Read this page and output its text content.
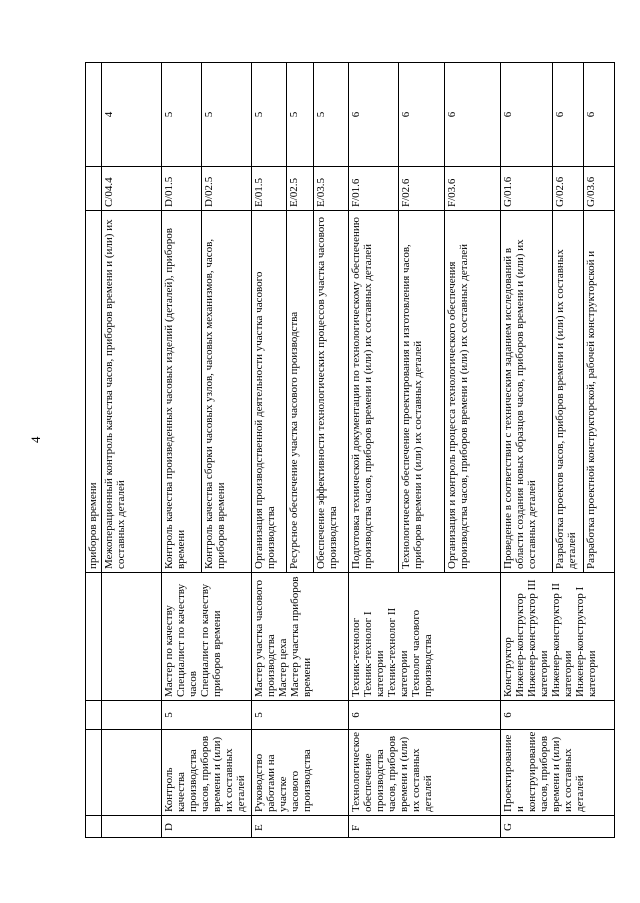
4
				приборов времени		
				Межоперационный контроль качества часов, приборов времени и (или) их составных деталей	C/04.4	4
D	Контроль качества производства часов, приборов времени и (или) их составных деталей	5	Мастер по качеству Специалист по качеству часов Специалист по качеству приборов времени	Контроль качества произведенных часовых изделий (деталей), приборов времени	D/01.5	5
				Контроль качества сборки часовых узлов, часовых механизмов, часов, приборов времени	D/02.5	5
E	Руководство работами на участке часового производства	5	Мастер участка часового производства Мастер цеха Мастер участка приборов времени	Организация производственной деятельности участка часового производства	E/01.5	5
				Ресурсное обеспечение участка часового производства	E/02.5	5
				Обеспечение эффективности технологических процессов участка часового производства	E/03.5	5
F	Технологическое обеспечение производства часов, приборов времени и (или) их составных деталей	6	Техник-технолог Техник-технолог I категории Техник-технолог II категории Технолог часового производства	Подготовка технической документации по технологическому обеспечению производства часов, приборов времени и (или) их составных деталей	F/01.6	6
				Технологическое обеспечение проектирования и изготовления часов, приборов времени и (или) их составных деталей	F/02.6	6
				Организация и контроль процесса технологического обеспечения производства часов, приборов времени и (или) их составных деталей	F/03.6	6
G	Проектирование и конструирование часов, приборов времени и (или) их составных деталей	6	Конструктор Инженер-конструктор Инженер-конструктор III категории Инженер-конструктор II категории Инженер-конструктор I категории	Проведение в соответствии с техническим заданием исследований в области создания новых образцов часов, приборов времени и (или) их составных деталей	G/01.6	6
				Разработка проектов часов, приборов времени и (или) их составных деталей	G/02.6	6
				Разработка проектной конструкторской, рабочей конструкторской и	G/03.6	6
